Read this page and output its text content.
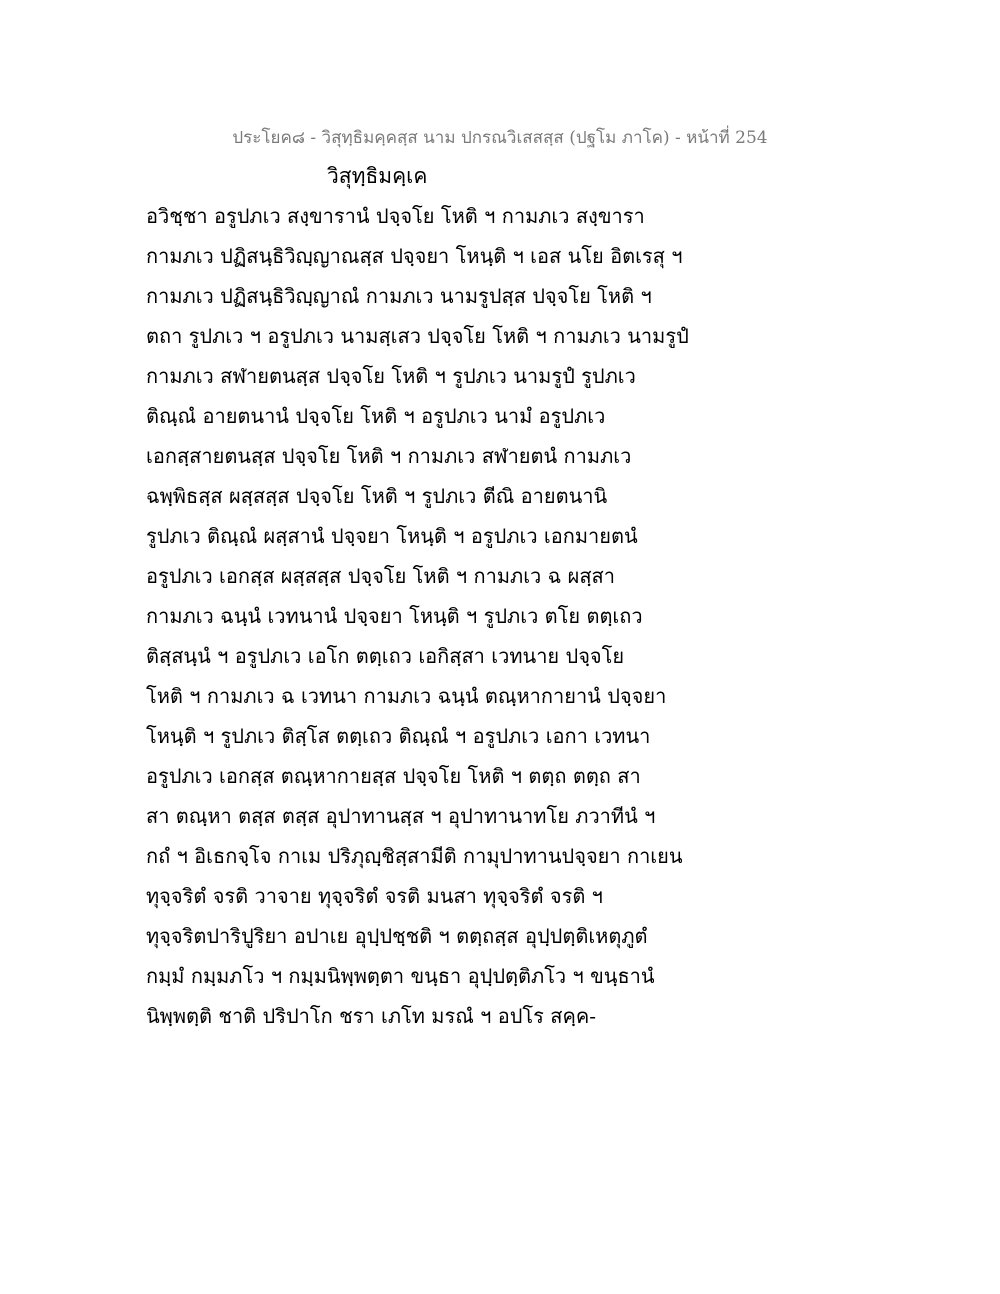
ประโยค๘ - วิสุทฺธิมคฺคสฺส นาม ปกรณวิเสสสฺส (ปฐโม ภาโค) - หน้าที่ 254
วิสุทฺธิมคฺเค
อวิชฺชา อรูปภเว สงฺขารานํ ปจฺจโย โหติ ฯ กามภเว สงฺขารา
กามภเว ปฏิสนฺธิวิญฺญาณสฺส ปจฺจยา โหนฺติ ฯ เอส นโย อิตเรสุ ฯ
กามภเว ปฏิสนฺธิวิญฺญาณํ กามภเว นามรูปสฺส ปจฺจโย โหติ ฯ
ตถา รูปภเว ฯ อรูปภเว นามสฺเสว ปจฺจโย โหติ ฯ กามภเว นามรูปํ
กามภเว สฬายตนสฺส ปจฺจโย โหติ ฯ รูปภเว นามรูปํ รูปภเว
ติณฺณํ อายตนานํ ปจฺจโย โหติ ฯ อรูปภเว นามํ อรูปภเว
เอกสฺสายตนสฺส ปจฺจโย โหติ ฯ กามภเว สฬายตนํ กามภเว
ฉพฺพิธสฺส ผสฺสสฺส ปจฺจโย โหติ ฯ รูปภเว ตีณิ อายตนานิ
รูปภเว ติณฺณํ ผสฺสานํ ปจฺจยา โหนฺติ ฯ อรูปภเว เอกมายตนํ
อรูปภเว เอกสฺส ผสฺสสฺส ปจฺจโย โหติ ฯ กามภเว ฉ ผสฺสา
กามภเว ฉนฺนํ เวทนานํ ปจฺจยา โหนฺติ ฯ รูปภเว ตโย ตตฺเถว
ติสฺสนฺนํ ฯ อรูปภเว เอโก ตตฺเถว เอกิสฺสา เวทนาย ปจฺจโย
โหติ ฯ กามภเว ฉ เวทนา กามภเว ฉนฺนํ ตณฺหากายานํ ปจฺจยา
โหนฺติ ฯ รูปภเว ติสฺโส ตตฺเถว ติณฺณํ ฯ อรูปภเว เอกา เวทนา
อรูปภเว เอกสฺส ตณฺหากายสฺส ปจฺจโย โหติ ฯ ตตฺถ ตตฺถ สา
สา ตณฺหา ตสฺส ตสฺส อุปาทานสฺส ฯ อุปาทานาทโย ภวาทีนํ ฯ
กถํ ฯ อิเธกจฺโจ กาเม ปริภุญฺชิสฺสามีติ กามุปาทานปจฺจยา กาเยน
ทุจฺจริตํ จรติ วาจาย ทุจฺจริตํ จรติ มนสา ทุจฺจริตํ จรติ ฯ
ทุจฺจริตปาริปูริยา อปาเย อุปฺปชฺชติ ฯ ตตฺถสฺส อุปฺปตฺติเหตุภูตํ
กมฺมํ กมฺมภโว ฯ กมฺมนิพฺพตฺตา ขนฺธา อุปฺปตฺติภโว ฯ ขนฺธานํ
นิพฺพตฺติ ชาติ ปริปาโก ชรา เภโท มรณํ ฯ อปโร สคฺค-
